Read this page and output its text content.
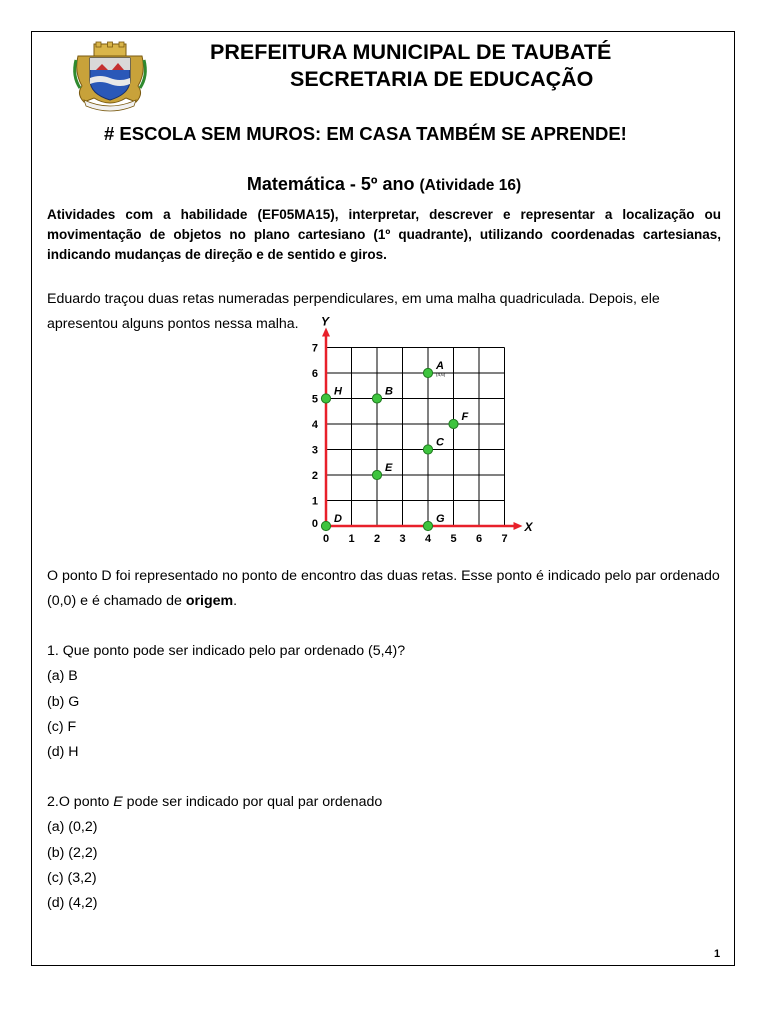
PREFEITURA MUNICIPAL DE TAUBATÉ
SECRETARIA DE EDUCAÇÃO
# ESCOLA SEM MUROS: EM CASA TAMBÉM SE APRENDE!
Matemática - 5º ano (Atividade 16)
Atividades com a habilidade (EF05MA15), interpretar, descrever e representar a localização ou movimentação de objetos no plano cartesiano (1º quadrante), utilizando coordenadas cartesianas, indicando mudanças de direção e de sentido e giros.
Eduardo traçou duas retas numeradas perpendiculares, em uma malha quadriculada. Depois, ele apresentou alguns pontos nessa malha.
X
Y
0 1 2 3 4 5 6 7
0
1
2
3
4
5
6
7
A
(4,6)
B
C
D
E
F
G
H
O ponto D foi representado no ponto de encontro das duas retas. Esse ponto é indicado pelo par ordenado (0,0) e é chamado de origem.
1. Que ponto pode ser indicado pelo par ordenado (5,4)?
(a) B
(b) G
(c) F
(d) H
2.O ponto E pode ser indicado por qual par ordenado
(a) (0,2)
(b) (2,2)
(c) (3,2)
(d) (4,2)
1
